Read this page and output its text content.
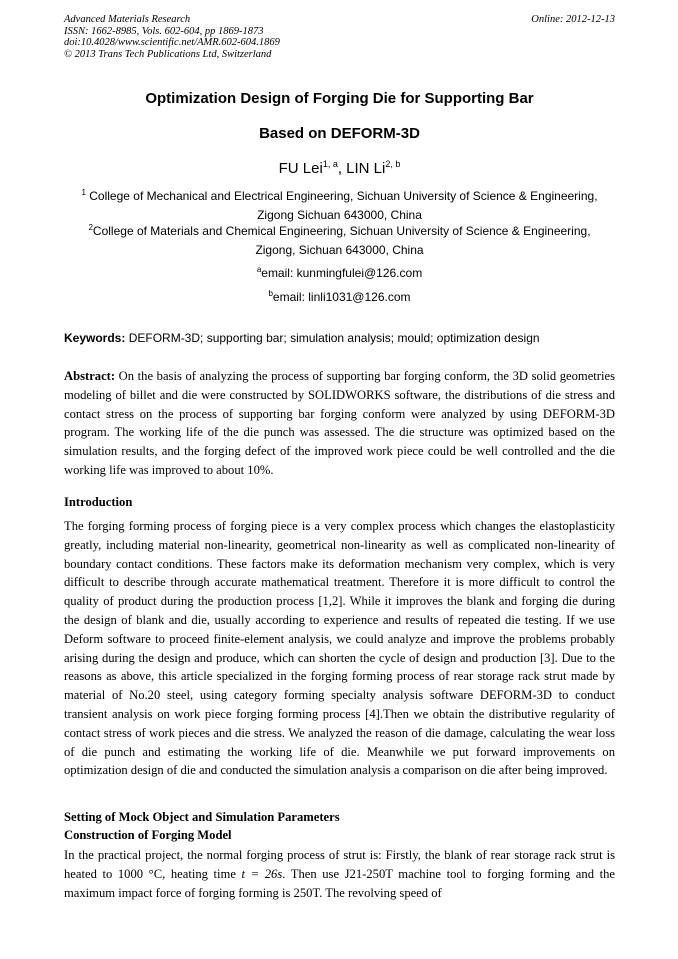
Advanced Materials Research
ISSN: 1662-8985, Vols. 602-604, pp 1869-1873
doi:10.4028/www.scientific.net/AMR.602-604.1869
© 2013 Trans Tech Publications Ltd, Switzerland
Online: 2012-12-13
Optimization Design of Forging Die for Supporting Bar
Based on DEFORM-3D
FU Lei$^{1, a}$, LIN Li$^{2, b}$
$^1$ College of Mechanical and Electrical Engineering, Sichuan University of Science & Engineering,
Zigong Sichuan 643000, China
$^2$College of Materials and Chemical Engineering, Sichuan University of Science & Engineering,
Zigong, Sichuan 643000, China
$^a$email: kunmingfulei@126.com
$^b$email: linli1031@126.com
Keywords: DEFORM-3D; supporting bar; simulation analysis; mould; optimization design
Abstract: On the basis of analyzing the process of supporting bar forging conform, the 3D solid geometries modeling of billet and die were constructed by SOLIDWORKS software, the distributions of die stress and contact stress on the process of supporting bar forging conform were analyzed by using DEFORM-3D program. The working life of the die punch was assessed. The die structure was optimized based on the simulation results, and the forging defect of the improved work piece could be well controlled and the die working life was improved to about 10%.
Introduction
The forging forming process of forging piece is a very complex process which changes the elastoplasticity greatly, including material non-linearity, geometrical non-linearity as well as complicated non-linearity of boundary contact conditions. These factors make its deformation mechanism very complex, which is very difficult to describe through accurate mathematical treatment. Therefore it is more difficult to control the quality of product during the production process [1,2]. While it improves the blank and forging die during the design of blank and die, usually according to experience and results of repeated die testing. If we use Deform software to proceed finite-element analysis, we could analyze and improve the problems probably arising during the design and produce, which can shorten the cycle of design and production [3]. Due to the reasons as above, this article specialized in the forging forming process of rear storage rack strut made by material of No.20 steel, using category forming specialty analysis software DEFORM-3D to conduct transient analysis on work piece forging forming process [4].Then we obtain the distributive regularity of contact stress of work pieces and die stress. We analyzed the reason of die damage, calculating the wear loss of die punch and estimating the working life of die. Meanwhile we put forward improvements on optimization design of die and conducted the simulation analysis a comparison on die after being improved.
Setting of Mock Object and Simulation Parameters
Construction of Forging Model
In the practical project, the normal forging process of strut is: Firstly, the blank of rear storage rack strut is heated to 1000 °C, heating time t = 26s. Then use J21-250T machine tool to forging forming and the maximum impact force of forging forming is 250T. The revolving speed of
